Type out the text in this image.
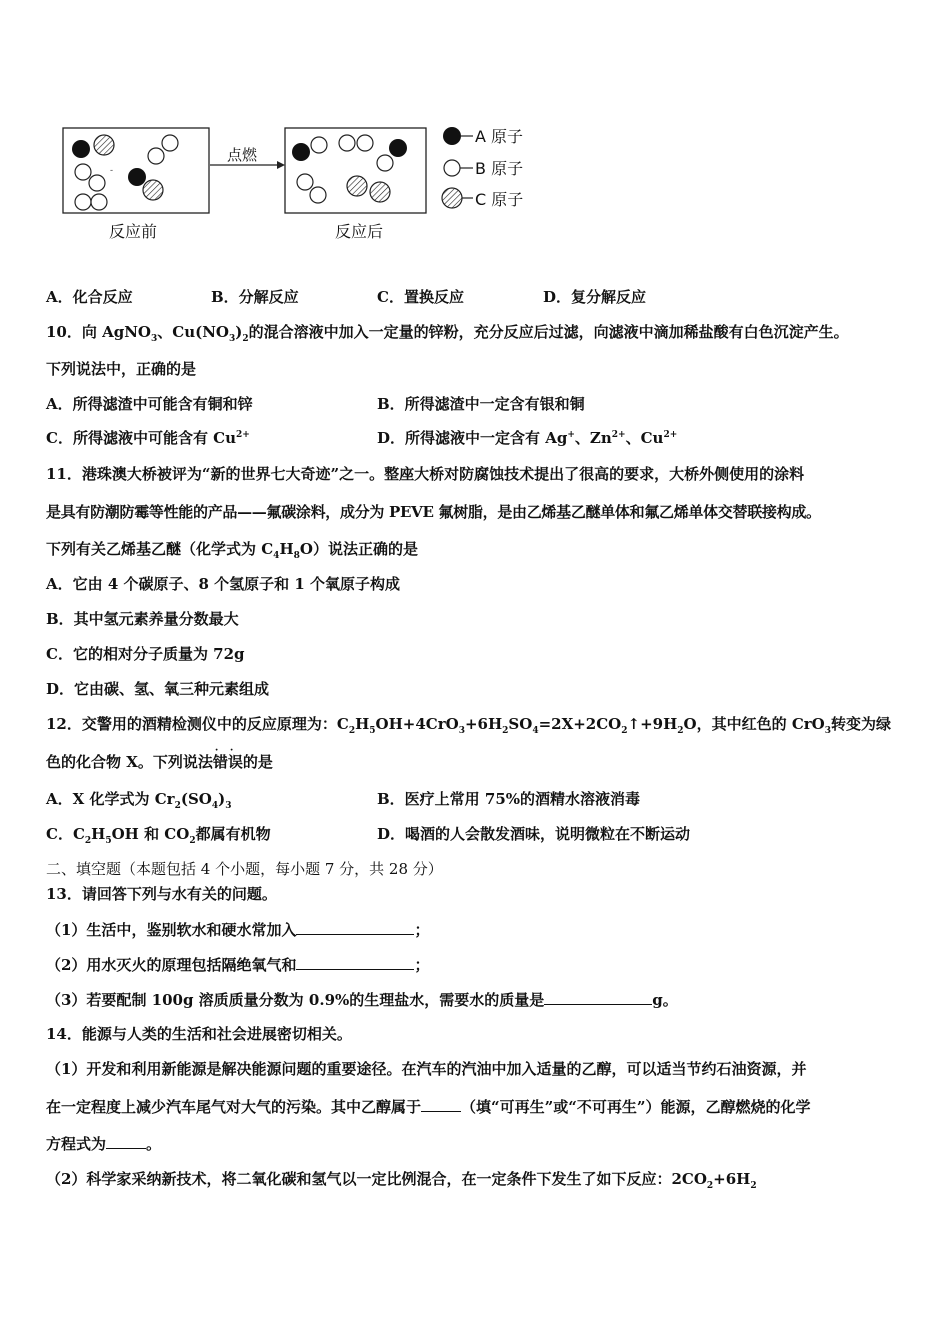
-
点燃
反应前	反应后
A 原子
B 原子
C 原子
A．化合反应	B．分解反应	C．置换反应	D．复分解反应
10．向 AgNO$_3$、$Cu(NO_3)_2$的混合溶液中加入一定量的锌粉，充分反应后过滤，向滤液中滴加稀盐酸有白色沉淀产生。
下列说法中，正确的是
A．所得滤渣中可能含有铜和锌	B．所得滤渣中一定含有银和铜
C．所得滤液中可能含有 $Cu^{2+}$	D．所得滤液中一定含有 Ag+、$Zn^{2+}$、$Cu^{2+}$
11．港珠澳大桥被评为“新的世界七大奇迹”之一。整座大桥对防腐蚀技术提出了很高的要求，大桥外侧使用的涂料
是具有防潮防霉等性能的产品——氟碳涂料，成分为 PEVE 氟树脂，是由乙烯基乙醚单体和氟乙烯单体交替联接构成。
下列有关乙烯基乙醚（化学式为 $C_4H_8O$）说法正确的是
A．它由 4 个碳原子、8 个氢原子和 1 个氧原子构成
B．其中氢元素养量分数最大
C．它的相对分子质量为 72g
D．它由碳、氢、氧三种元素组成
12．交警用的酒精检测仪中的反应原理为：$C_2H_5OH+4CrO_3+6H_2SO_4=2X+2CO_2↑+9H_2O$，其中红色的 CrO$_3$转变为绿
色的化合物 X。下列说法错误 · ·的是
A．X 化学式为 $Cr_2(SO_4)_3$	B．医疗上常用 75%的酒精水溶液消毒
C．$C_2H_5OH$ 和 $CO_2$都属有机物	D．喝酒的人会散发酒味，说明微粒在不断运动
二、填空题（本题包括 4 个小题，每小题 7 分，共 28 分）
13．请回答下列与水有关的问题。
（1）生活中，鉴别软水和硬水常加入	；
（2）用水灭火的原理包括隔绝氧气和	；
（3）若要配制 100g 溶质质量分数为 0.9%的生理盐水，需要水的质量是	g。
14．能源与人类的生活和社会进展密切相关。
（1）开发和利用新能源是解决能源问题的重要途径。在汽车的汽油中加入适量的乙醇，可以适当节约石油资源，并
在一定程度上减少汽车尾气对大气的污染。其中乙醇属于	（填“可再生”或“不可再生”）能源，乙醇燃烧的化学
方程式为	。
（2）科学家采纳新技术，将二氧化碳和氢气以一定比例混合，在一定条件下发生了如下反应：$2CO_2+6H_2$
